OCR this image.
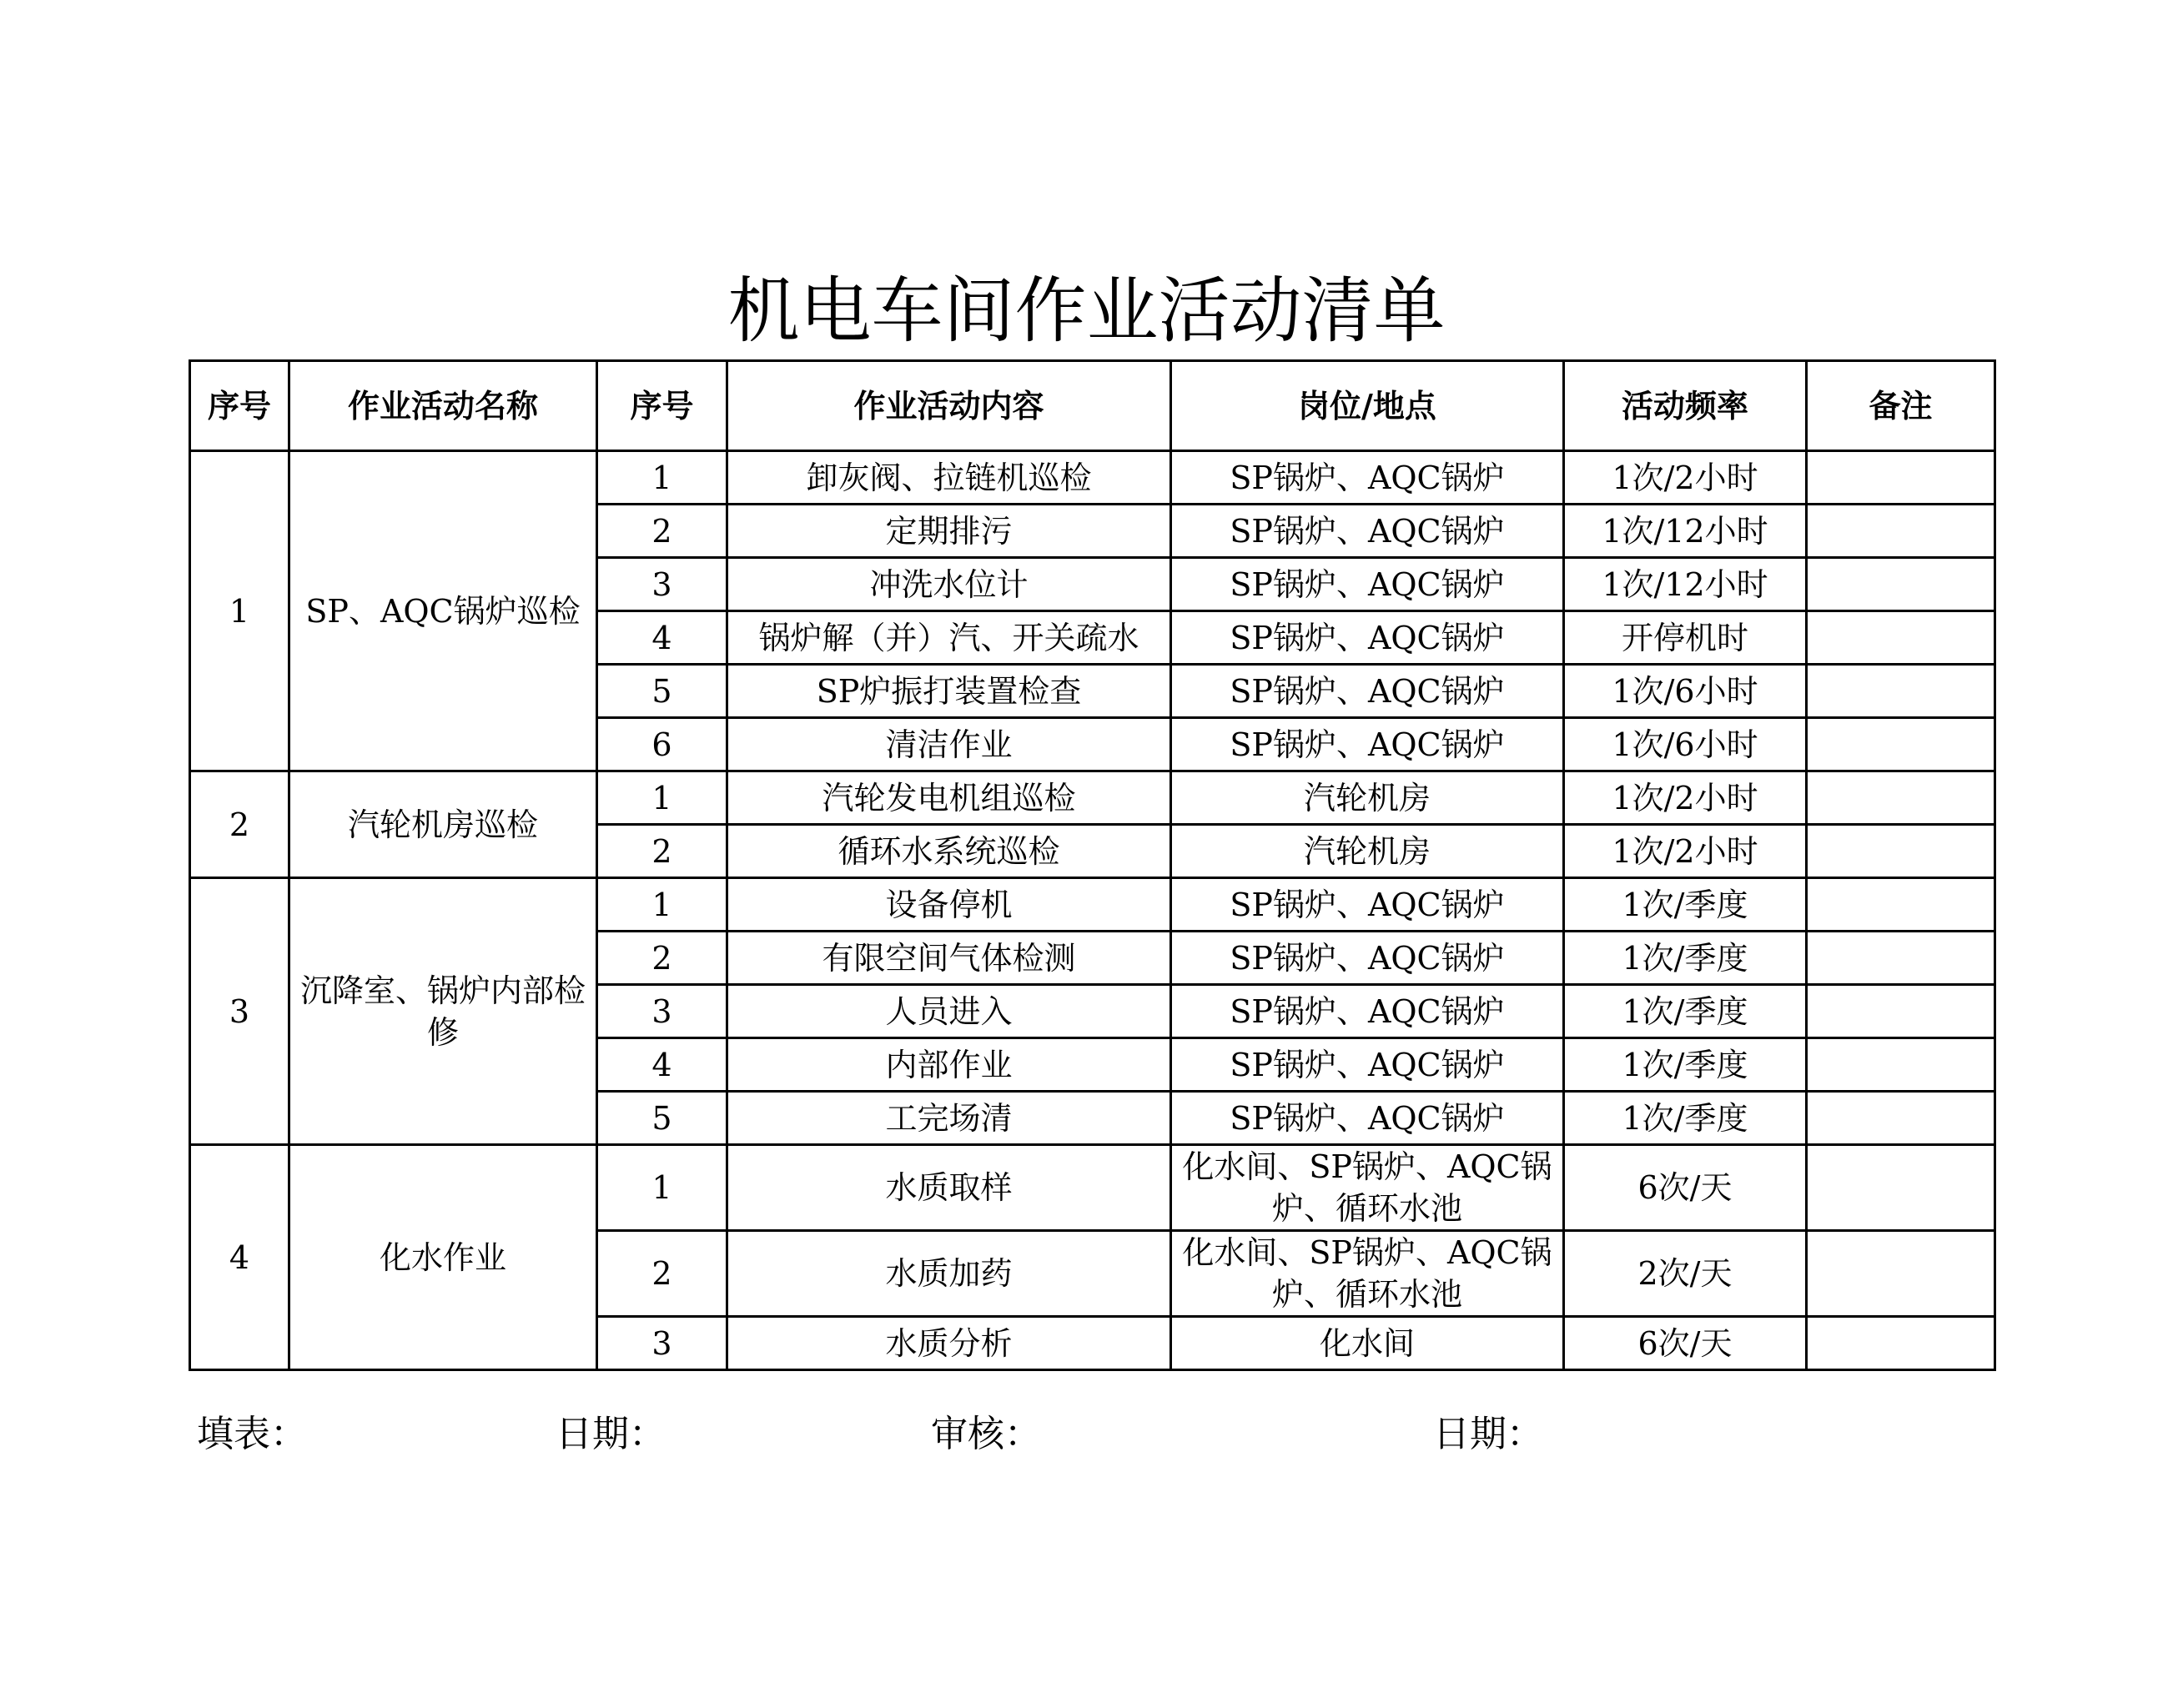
机电车间作业活动清单
序号	作业活动名称	序号	作业活动内容	岗位/地点	活动频率	备注
1	SP、AQC锅炉巡检	1	卸灰阀、拉链机巡检	SP锅炉、AQC锅炉	1次/2小时	
		2	定期排污	SP锅炉、AQC锅炉	1次/12小时	
		3	冲洗水位计	SP锅炉、AQC锅炉	1次/12小时	
		4	锅炉解（并）汽、开关疏水	SP锅炉、AQC锅炉	开停机时	
		5	SP炉振打装置检查	SP锅炉、AQC锅炉	1次/6小时	
		6	清洁作业	SP锅炉、AQC锅炉	1次/6小时	
2	汽轮机房巡检	1	汽轮发电机组巡检	汽轮机房	1次/2小时	
		2	循环水系统巡检	汽轮机房	1次/2小时	
3	沉降室、锅炉内部检修	1	设备停机	SP锅炉、AQC锅炉	1次/季度	
		2	有限空间气体检测	SP锅炉、AQC锅炉	1次/季度	
		3	人员进入	SP锅炉、AQC锅炉	1次/季度	
		4	内部作业	SP锅炉、AQC锅炉	1次/季度	
		5	工完场清	SP锅炉、AQC锅炉	1次/季度	
4	化水作业	1	水质取样	化水间、SP锅炉、AQC锅炉、循环水池	6次/天	
		2	水质加药	化水间、SP锅炉、AQC锅炉、循环水池	2次/天	
		3	水质分析	化水间	6次/天	
填表：	日期：	审核：	日期：
